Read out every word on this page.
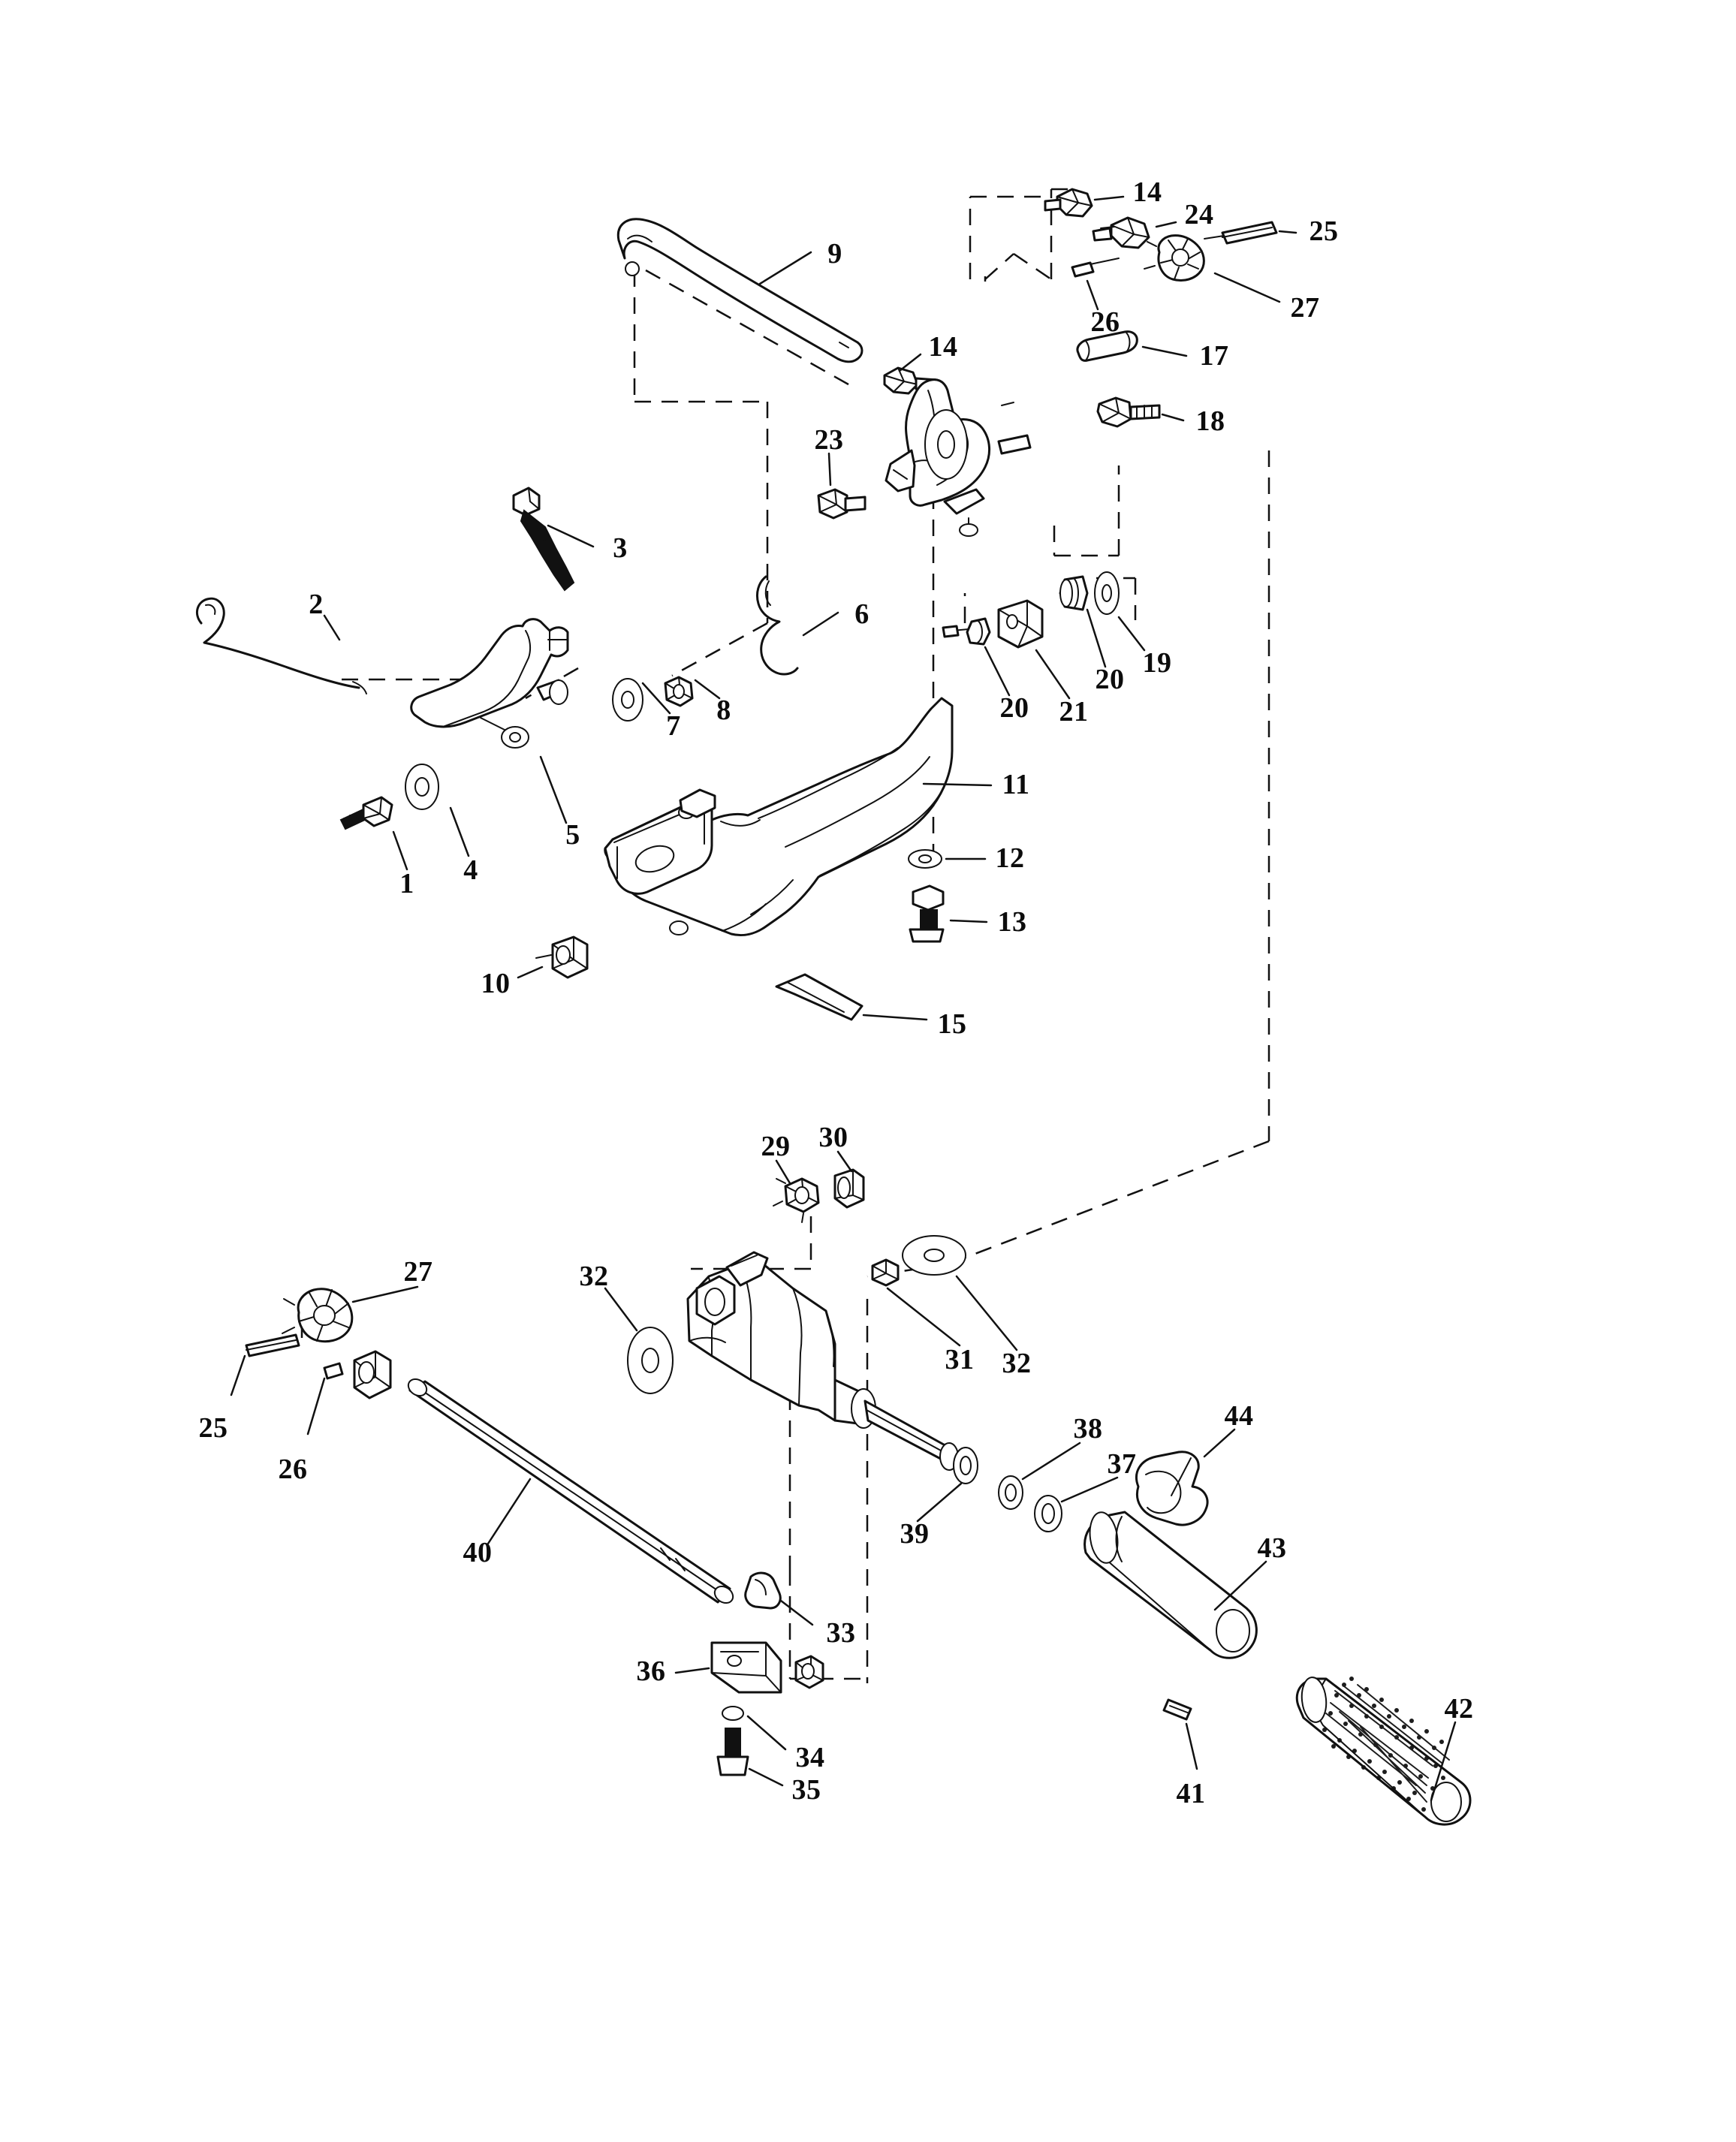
14
24
25
27
26
9
14	17
18
23
3
2	6
19
20
21
20
7 8
5
11
1 4	12
13
10
15
29 30
27	32
31 32
25
26
38
37
44
39
40	43
33
36
42
34
35	41
